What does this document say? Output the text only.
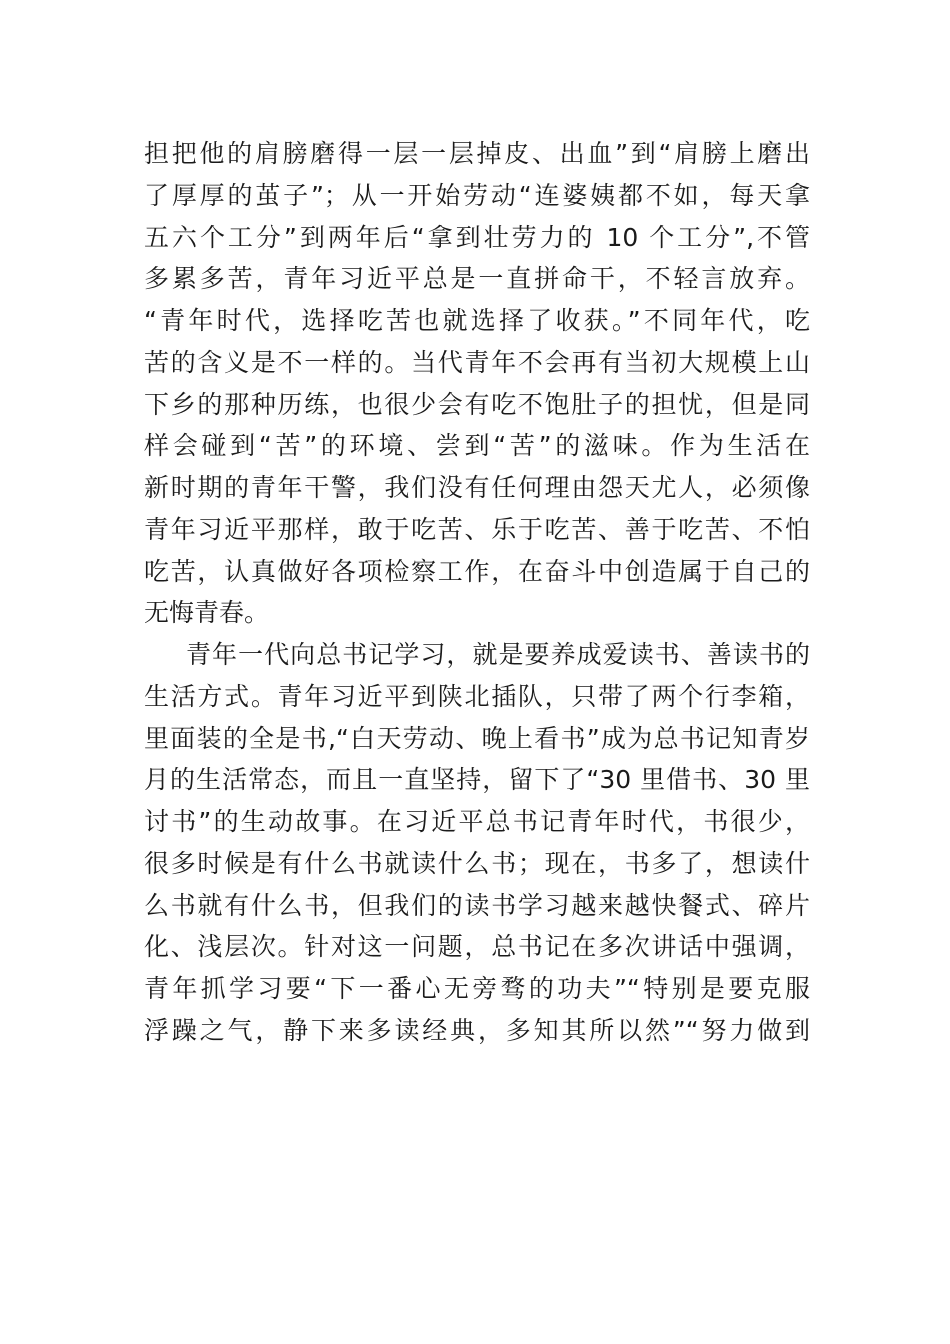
担把他的肩膀磨得一层一层掉皮、出血”到“肩膀上磨出
了厚厚的茧子”；从一开始劳动“连婆姨都不如，每天拿
五六个工分”到两年后“拿到壮劳力的 10 个工分”,不管
多累多苦，青年习近平总是一直拼命干，不轻言放弃。
“青年时代，选择吃苦也就选择了收获。”不同年代，吃
苦的含义是不一样的。当代青年不会再有当初大规模上山
下乡的那种历练，也很少会有吃不饱肚子的担忧，但是同
样会碰到“苦”的环境、尝到“苦”的滋味。作为生活在
新时期的青年干警，我们没有任何理由怨天尤人，必须像
青年习近平那样，敢于吃苦、乐于吃苦、善于吃苦、不怕
吃苦，认真做好各项检察工作，在奋斗中创造属于自己的
无悔青春。
青年一代向总书记学习，就是要养成爱读书、善读书的
生活方式。青年习近平到陕北插队，只带了两个行李箱，
里面装的全是书,“白天劳动、晚上看书”成为总书记知青岁
月的生活常态，而且一直坚持，留下了“30 里借书、30 里
讨书”的生动故事。在习近平总书记青年时代，书很少，
很多时候是有什么书就读什么书；现在，书多了，想读什
么书就有什么书，但我们的读书学习越来越快餐式、碎片
化、浅层次。针对这一问题，总书记在多次讲话中强调，
青年抓学习要“下一番心无旁骛的功夫”“特别是要克服
浮躁之气，静下来多读经典，多知其所以然”“努力做到
